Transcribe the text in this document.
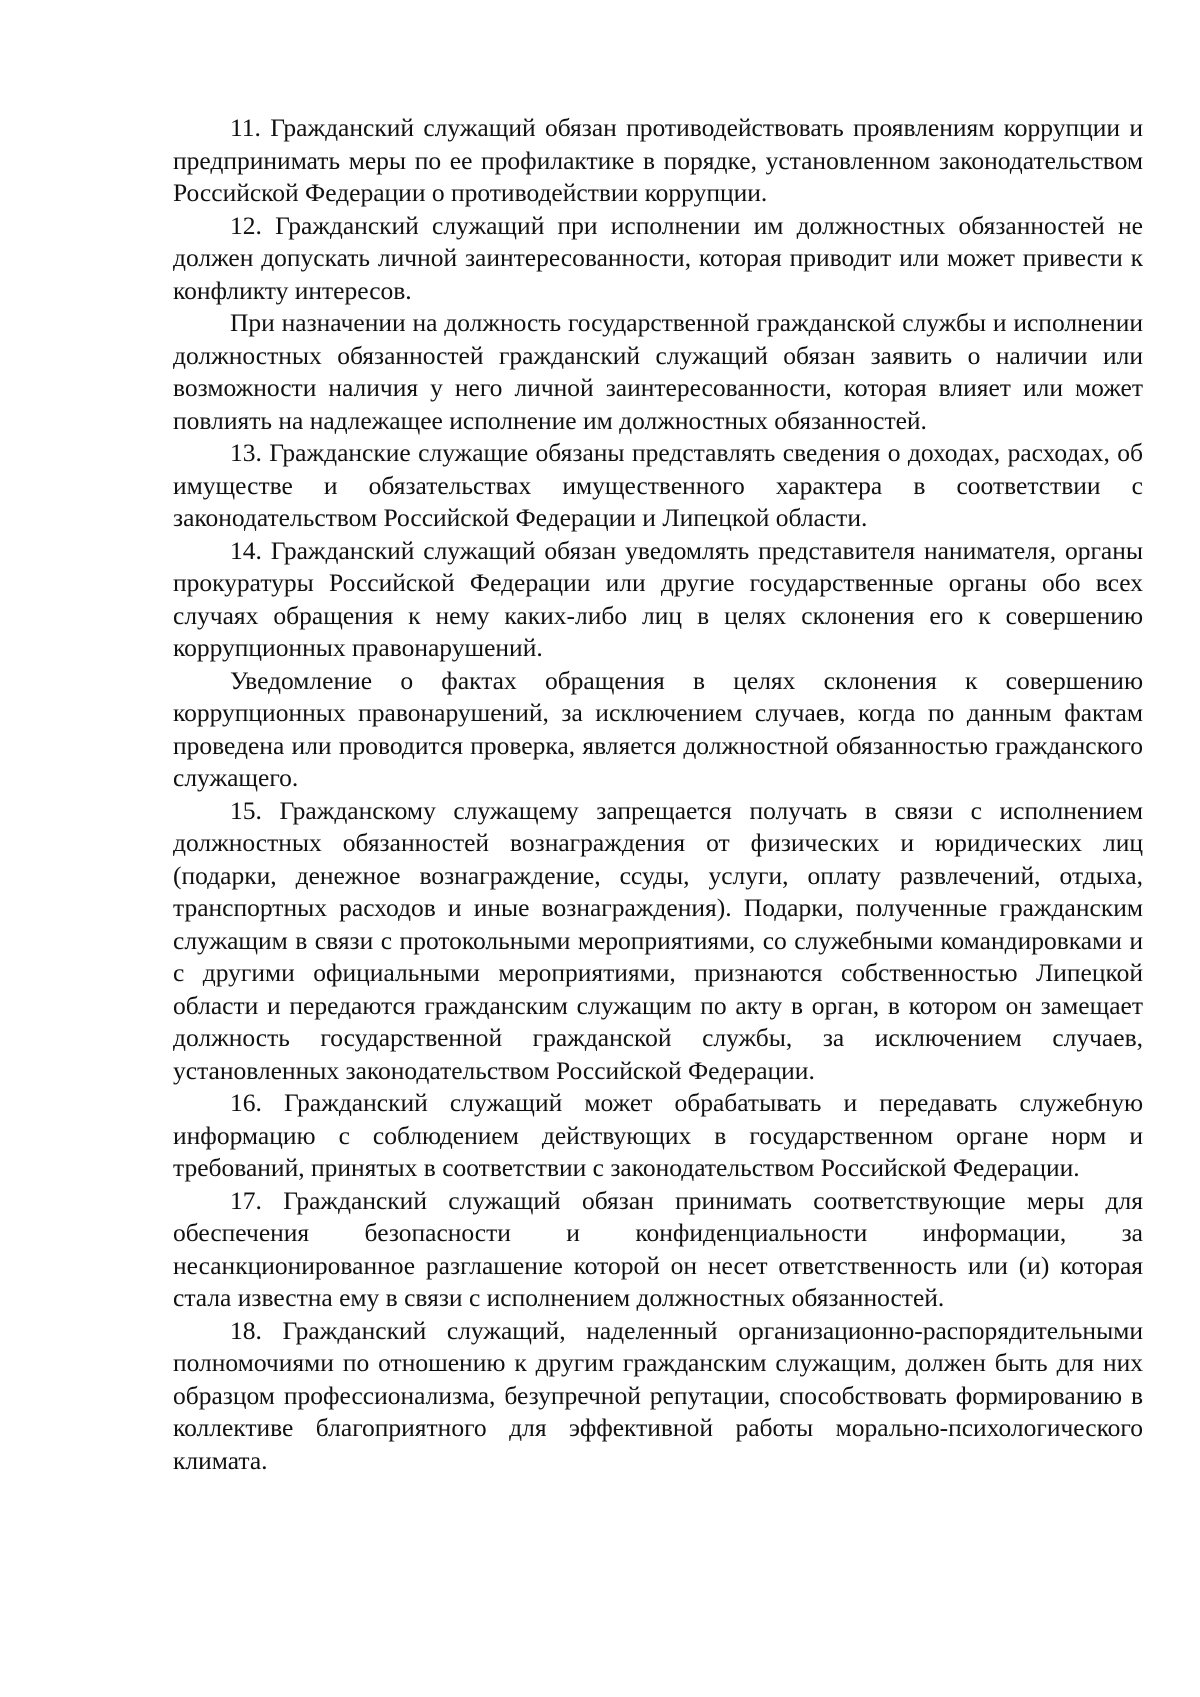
11. Гражданский служащий обязан противодействовать проявлениям коррупции и предпринимать меры по ее профилактике в порядке, установленном законодательством Российской Федерации о противодействии коррупции.

12. Гражданский служащий при исполнении им должностных обязанностей не должен допускать личной заинтересованности, которая приводит или может привести к конфликту интересов.

При назначении на должность государственной гражданской службы и исполнении должностных обязанностей гражданский служащий обязан заявить о наличии или возможности наличия у него личной заинтересованности, которая влияет или может повлиять на надлежащее исполнение им должностных обязанностей.

13. Гражданские служащие обязаны представлять сведения о доходах, расходах, об имуществе и обязательствах имущественного характера в соответствии с законодательством Российской Федерации и Липецкой области.

14. Гражданский служащий обязан уведомлять представителя нанимателя, органы прокуратуры Российской Федерации или другие государственные органы обо всех случаях обращения к нему каких-либо лиц в целях склонения его к совершению коррупционных правонарушений.

Уведомление о фактах обращения в целях склонения к совершению коррупционных правонарушений, за исключением случаев, когда по данным фактам проведена или проводится проверка, является должностной обязанностью гражданского служащего.

15. Гражданскому служащему запрещается получать в связи с исполнением должностных обязанностей вознаграждения от физических и юридических лиц (подарки, денежное вознаграждение, ссуды, услуги, оплату развлечений, отдыха, транспортных расходов и иные вознаграждения). Подарки, полученные гражданским служащим в связи с протокольными мероприятиями, со служебными командировками и с другими официальными мероприятиями, признаются собственностью Липецкой области и передаются гражданским служащим по акту в орган, в котором он замещает должность государственной гражданской службы, за исключением случаев, установленных законодательством Российской Федерации.

16. Гражданский служащий может обрабатывать и передавать служебную информацию с соблюдением действующих в государственном органе норм и требований, принятых в соответствии с законодательством Российской Федерации.

17. Гражданский служащий обязан принимать соответствующие меры для обеспечения безопасности и конфиденциальности информации, за несанкционированное разглашение которой он несет ответственность или (и) которая стала известна ему в связи с исполнением должностных обязанностей.

18. Гражданский служащий, наделенный организационно-распорядительными полномочиями по отношению к другим гражданским служащим, должен быть для них образцом профессионализма, безупречной репутации, способствовать формированию в коллективе благоприятного для эффективной работы морально-психологического климата.
